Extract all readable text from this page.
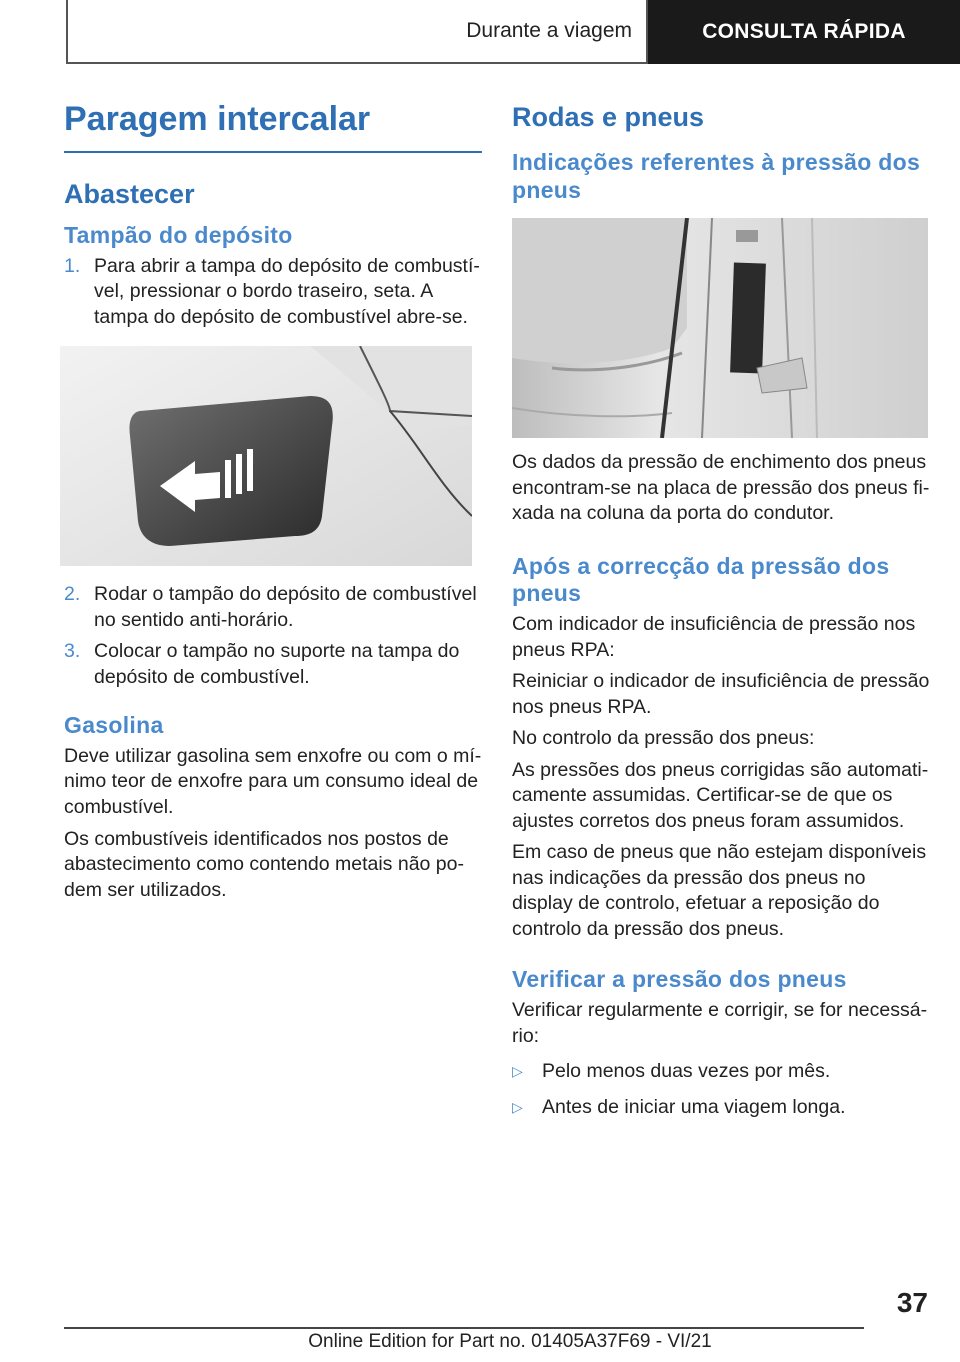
Durante a viagem	CONSULTA RÁPIDA
Paragem intercalar
Abastecer
Tampão do depósito
1. Para abrir a tampa do depósito de combustí-vel, pressionar o bordo traseiro, seta. A tampa do depósito de combustível abre-se.
2. Rodar o tampão do depósito de combustível no sentido anti-horário.
3. Colocar o tampão no suporte na tampa do depósito de combustível.
Gasolina

Deve utilizar gasolina sem enxofre ou com o mí-nimo teor de enxofre para um consumo ideal de combustível.

Os combustíveis identificados nos postos de abastecimento como contendo metais não po-dem ser utilizados.

Rodas e pneus
Indicações referentes à pressão dos pneus

Os dados da pressão de enchimento dos pneus encontram-se na placa de pressão dos pneus fi-xada na coluna da porta do condutor.

Após a correcção da pressão dos pneus

Com indicador de insuficiência de pressão nos pneus RPA:

Reiniciar o indicador de insuficiência de pressão nos pneus RPA.

No controlo da pressão dos pneus:

As pressões dos pneus corrigidas são automati-camente assumidas. Certificar-se de que os ajustes corretos dos pneus foram assumidos.

Em caso de pneus que não estejam disponíveis nas indicações da pressão dos pneus no display de controlo, efetuar a reposição do controlo da pressão dos pneus.

Verificar a pressão dos pneus

Verificar regularmente e corrigir, se for necessá-rio:

▷ Pelo menos duas vezes por mês.
▷ Antes de iniciar uma viagem longa.
37
Online Edition for Part no. 01405A37F69 - VI/21
